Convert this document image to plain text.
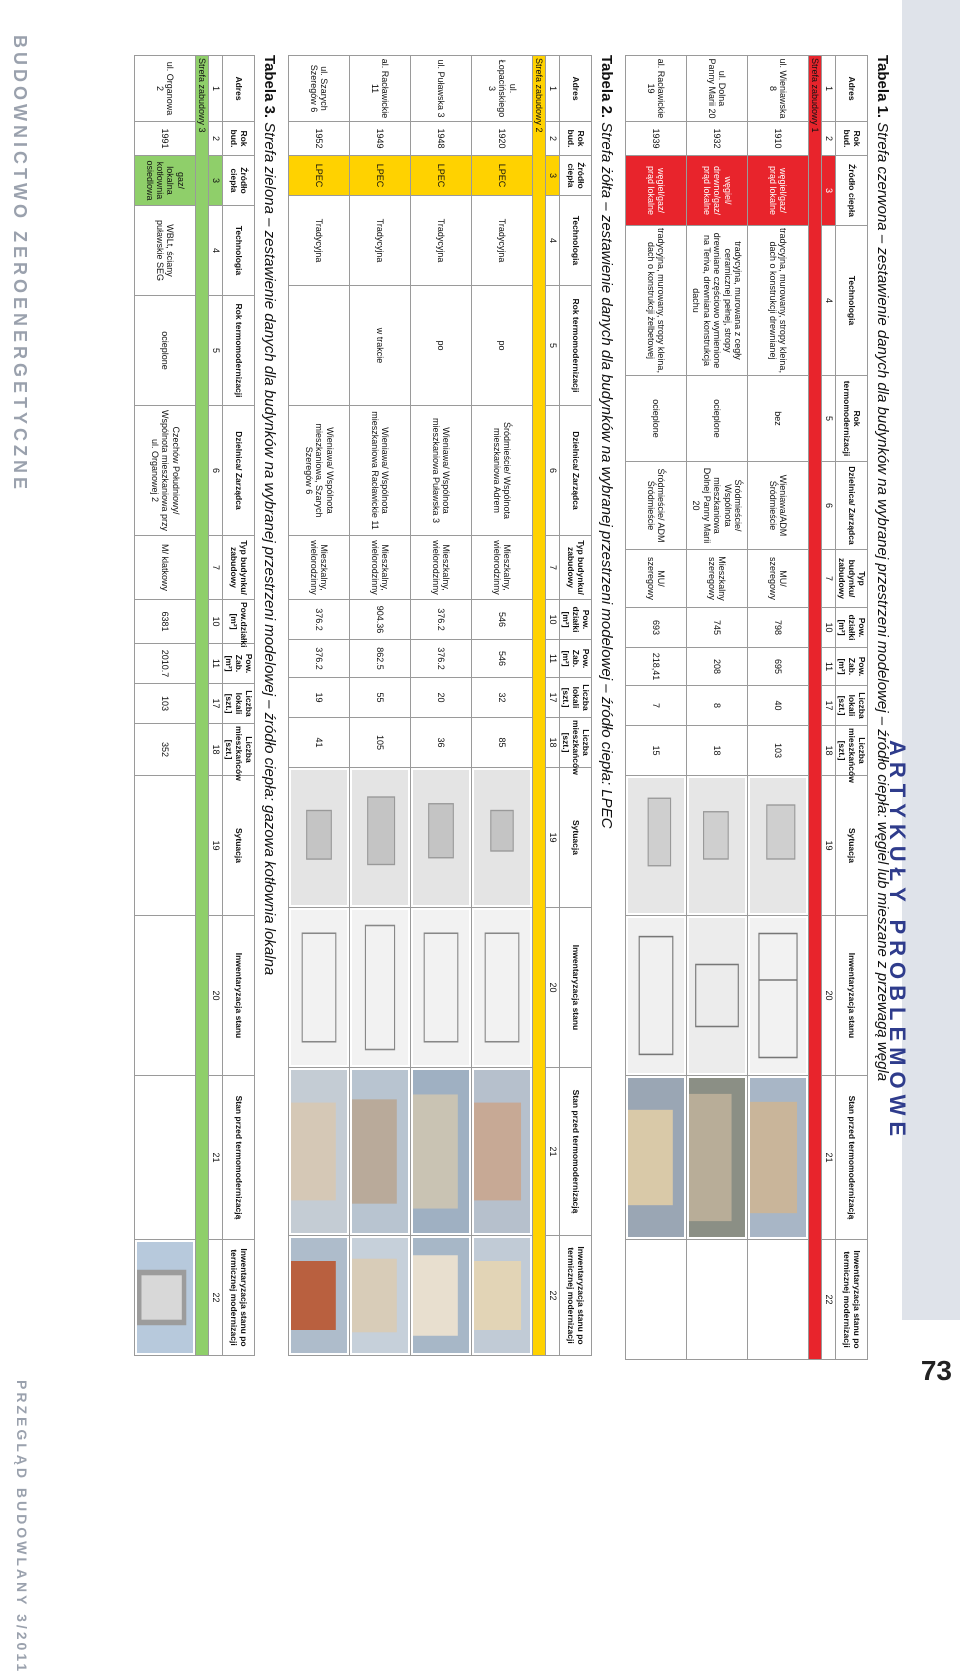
BUDOWNICTWO ZEROENERGETYCZNE
PRZEGLĄD BUDOWLANY 3/2011
73
ARTYKUŁY PROBLEMOWE
Tabela 1. Strefa czerwona – zestawienie danych dla budynków na wybranej przestrzeni modelowej – źródło ciepła: węgiel lub mieszane z przewagą węgla
Adres	Rok bud.	Źródło ciepła	Technologia	Rok termomodernizacji	Dzielnica/ Zarządca	Typ budynku/ zabudowy	Pow. działki [m²]	Pow. Zab. [m²]	Liczba lokali [szt.]	Liczba mieszkańców [szt.]	Sytuacja	Inwentaryzacja stanu	Stan przed termomodernizacją	Inwentaryzacja stanu po termicznej modernizacji
1	2	3	4	5	6	7	10	11	17	18	19	20	21	22
Strefa zabudowy 1														
ul. Wieniawska 8	1910	węgiel/gaz/ prąd lokalne	tradycyjna, murowany, stropy kleina, dach o konstrukcji drewnianej	bez	Wieniawa/ADM Śródmieście	MU/ szeregowy	798	695	40	103	

ul. Dolna Panny Marii 20	1932	węgiel/ drewno/gaz/ prąd lokalne	tradycyjna, murowana z cegły ceramicznej pełnej, stropy drewniane częściowo wymienione na Teriva, drewniana konstrukcja dachu	ocieplone	Śródmieście/ Wspólnota mieszkaniowa Dolnej Panny Marii 20	Mieszkalny szeregowy	745	208	8	18	

al. Racławickie 19	1939	węgiel/gaz/ prąd lokalne	tradycyjna, murowany, stropy kleina, dach o konstrukcji żelbetowej	ocieplone	Śródmieście/ ADM Śródmieście	MU/ szeregowy	693	218,41	7	15	

Tabela 2. Strefa żółta – zestawienie danych dla budynków na wybranej przestrzeni modelowej – źródło ciepła: LPEC
Adres	Rok bud.	Źródło ciepła	Technologia	Rok termomodernizacji	Dzielnica/ Zarządca	Typ budynku/ zabudowy	Pow. działki [m²]	Pow. Zab. [m²]	Liczba lokali [szt.]	Liczba mieszkańców [szt.]	Sytuacja	Inwentaryzacja stanu	Stan przed termomodernizacją	Inwentaryzacja stanu po termicznej modernizacji
1	2	3	4	5	6	7	10	11	17	18	19	20	21	22
Strefa zabudowy 2														
ul. Łopacińskiego 3	1920	LPEC	Tradycyjna	po	Śródmieście/ Wspólnota mieszkaniowa Adrem	Mieszkalny, wielorodzinny	546	546	32	85	

ul. Puławska 3	1948	LPEC	Tradycyjna	po	Wieniawa/ Wspólnota mieszkaniowa Puławska 3	Mieszkalny, wielorodzinny	376.2	376.2	20	36	

al. Racławickie 11	1949	LPEC	Tradycyjna	w trakcie	Wieniawa/ Wspólnota mieszkaniowa Racławickie 11	Mieszkalny, wielorodzinny	904.36	862.5	55	105	

ul. Szarych Szeregów 6	1952	LPEC	Tradycyjna		Wieniawa/ Wspólnota mieszkaniowa, Szarych Szeregów 6	Mieszkalny, wielorodzinny	376.2	376.2	19	41	

Tabela 3. Strefa zielona – zestawienie danych dla budynków na wybranej przestrzeni modelowej – źródło ciepła: gazowa kotłownia lokalna
Adres	Rok bud.	Źródło ciepła	Technologia	Rok termomodernizacji	Dzielnica/ Zarządca	Typ budynku/ zabudowy	Pow.działki [m²]	Pow. Zab. [m²]	Liczba lokali [szt.]	Liczba mieszkańców [szt.]	Sytuacja	Inwentaryzacja stanu	Stan przed termomodernizacją	Inwentaryzacja stanu po termicznej modernizacji
1	2	3	4	5	6	7	10	11	17	18	19	20	21	22
Strefa zabudowy 3														
ul. Organowa 2	1991	gaz/ lokalna kotłownia osiedlowa	WBLt, ściany puławskie SEG	ocieplone	Czechów Południowy/ Wspólnota mieszkaniowa przy ul. Organowej 2	M/ klatkowy	6381	2010.7	103	352				
